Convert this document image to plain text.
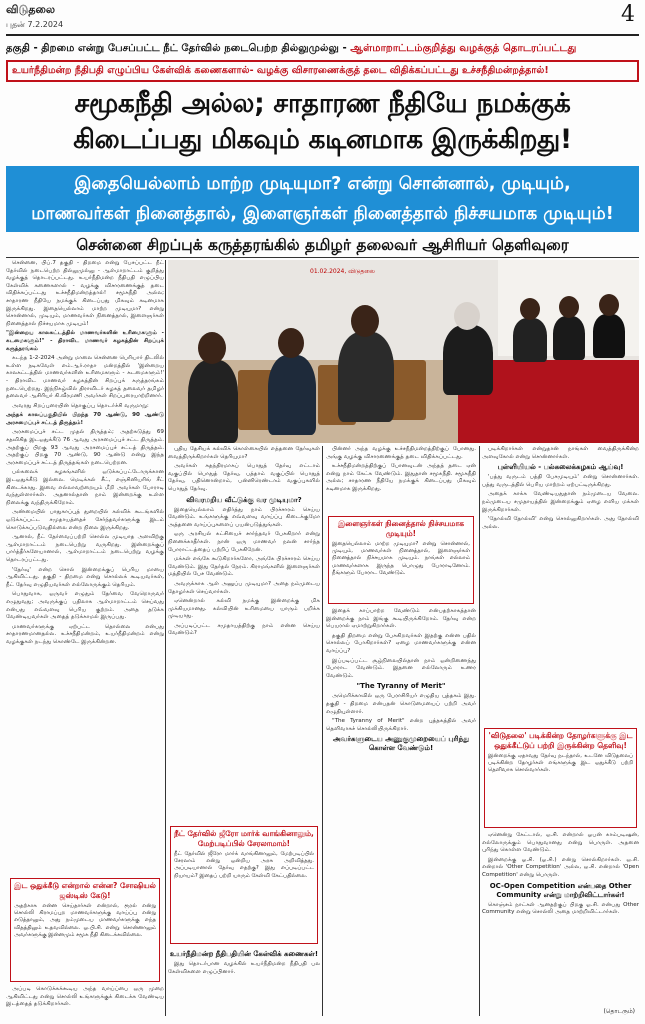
விடுதலை
புதன் 7.2.2024	4
தகுதி - திறமை என்று பேசப்பட்ட நீட் தேர்வில் நடைபெற்ற தில்லுமுல்லு - ஆள்மாறாட்டம்குறித்து வழக்குத் தொடரப்பட்டது
உயர்நீதிமன்ற நீதிபதி எழுப்பிய கேள்விக் கணைகளால்- வழக்கு விசாரணைக்குத் தடை விதிக்கப்பட்டது உச்சநீதிமன்றத்தால்!
சமூகநீதி அல்ல; சாதாரண நீதியே நமக்குக்
கிடைப்பது மிகவும் கடினமாக இருக்கிறது!
இதையெல்லாம் மாற்ற முடியுமா? என்று சொன்னால், முடியும்,
மாணவர்கள் நினைத்தால், இளைஞர்கள் நினைத்தால் நிச்சயமாக முடியும்!
சென்னை சிறப்புக் கருத்தரங்கில் தமிழர் தலைவர் ஆசிரியர் தெளிவுரை

சென்னை, பிப்.7 தகுதி - திறமை என்று பேசப்பட்ட நீட் தேர்வில் நடைபெற்ற தில்லுமுல்லு - ஆள்மாறாட்டம் குறித்து வழக்குத் தொடரப்பட்டது. உயர்நீதிமன்ற நீதிபதி எழுப்பிய கேள்விக் கணைகளால் - வழக்கு விசாரணைக்குத் தடை விதிக்கப்பட்டது உச்சநீதிமன்றத்தால்! சமூகநீதி அல்ல; சாதாரண நீதியே நமக்குக் கிடைப்பது மிகவும் கடினமாக இருக்கிறது. இதையெல்லாம் மாற்ற முடியுமா? என்று சொன்னால், முடியும், மாணவர்கள் நினைத்தால், இளைஞர்கள் நினைத்தால் நிச்சயமாக முடியும்!

"இன்றைய காலகட்டத்தில் மாணவர்களின் உரிமைகளும் - கடமைகளும்!" - திராவிட மாணவர் கழகத்தின் சிறப்புக் கருத்தரங்கம்

கடந்த 1-2-2024 அன்று மாலை சென்னை பெரியார் திடலில் உள்ள நடிகவேள் எம்.ஆர்.ராதா மன்றத்தில் 'இன்றைய காலகட்டத்தில் மாணவர்களின் உரிமைகளும் - கடமைகளும்!' - திராவிட மாணவர் கழகத்தின் சிறப்புக் கருத்தரங்கம் நடைபெற்றது. இந்நிகழ்வில் திராவிடர் கழகத் தலைவர் தமிழர் தலைவர் ஆசிரியர் கி.வீரமணி அவர்கள் சிறப்புரையாற்றினார்.

அவரது சிறப்புரையின் தொகுப்பு தொடர்ச்சி வருமாறு:

அந்தக் காலப்பகுதியில் பிறந்த 70 ஆண்டு, 90 ஆண்டு அரசமைப்புச் சட்டத் திருத்தம்!

அரசமைப்புச் சட்ட முதல் திருத்தம்; அதற்கடுத்து 69 சதவிகித இடஒதுக்கீடு 76 ஆவது அரசமைப்புச் சட்ட திருத்தம். அதற்குப் பிறகு 93 ஆவது அரசமைப்புச் சட்டத் திருத்தம். அதற்குப் பிறகு 70 ஆண்டு, 90 ஆண்டு என்று இந்த அரசமைப்புச் சட்டத் திருத்தங்கள் நடைபெற்றன.

பல்கலைக் கழகங்களில் ஒடுக்கப்பட்டோருக்கான இடஒதுக்கீடு இல்லை. மெடிக்கல் சீட், எஞ்சினியரிங் சீட் கிடைக்காது. இவை எல்லாவற்றையும் மீறி அவர்கள் போராடி வந்துள்ளார்கள். அதனால்தான் நாம் இன்றைக்கு உள்ள நிலைக்கு வந்திருக்கிறோம்.

அண்மையில் பாதுகாப்புத் துறையில் கல்விக் கூடங்களில் ஒடுக்கப்பட்ட சமுதாயத்தைச் சேர்ந்தவர்களுக்கு இடம் கொடுக்கப்படுவதில்லை என்ற நிலை இருக்கிறது.

ஆனால், நீட் தேர்வைப்பற்றி சொல்ல முடியாத அளவிற்கு ஆள்மாறாட்டம் நடைபெற்று வருகிறது. இன்றைக்குப் பார்த்தீர்களேயானால், ஆள்மாறாட்டம் நடைபெற்று வழக்கு தொடரப்பட்டது.

'தேர்வு' என்ற சொல் இன்றைக்குப் பெரிய மாயை ஆகிவிட்டது. தகுதி - திறமை என்று சொல்லக் கூடியவர்கள், நீட் தேர்வு எழுதியவர்கள் எல்லோருக்கும் தெரியும்.

பொதுவாக, ஒருவர் எழுதும் தேர்வை வேறொருவர் எழுதுவது; அவருக்குப் பதிலாக ஆள்மாறாட்டம் செய்வது என்பது எவ்வளவு பெரிய குற்றம். அதை தடுக்க வேண்டியவர்கள் அதைத் தடுக்காமல் இருப்பது.

மாணவர்களுக்கு ஏற்பட்ட தொல்லை என்பது சாதாரணமானதல்ல. உச்சநீதிமன்றம், உயர்நீதிமன்றம் என்று வழக்குகள் நடந்து கொண்டே இருக்கின்றன.

இட ஒதுக்கீடு என்றால் என்ன? சோஷியல் ஜஸ்டிஸ் கேடு!
அதற்காக என்ன செய்தார்கள் என்றால், ரூரல் என்று சொல்லி கிராமப்புற மாணவர்களுக்கு வாய்ப்பு என்று எடுத்தாலும், அது நம்முடைய மாணவர்களுக்கு எந்த விதத்திலும் உதவவில்லை. ஓ.பி.சி. என்று சொன்னாலும் அவர்களுக்கு இன்னமும் சமூக நீதி கிடைக்கவில்லை.

அப்படி கொடுக்கக்கூடிய அந்த வாய்ப்பை ஒரு முறை ஆகிவிட்டது என்று சொல்லி உங்களுக்குக் கிடைக்க வேண்டிய இடத்தைத் தடுக்கிறார்கள்.

01.02.2024, விடுதலை

புதிய தேசியக் கல்விக் கொள்கையில் எத்தனை தேர்வுகள் வைத்திருக்கிறார்கள் தெரியுமா?

அவர்கள் சுதந்திரமாகப் பொதுத் தேர்வு எட்டாம் வகுப்பில் பொதுத் தேர்வு, பத்தாம் வகுப்பில் பொதுத் தேர்வு, பதினொன்றாம், பன்னிரெண்டாம் வகுப்புகளில் பொதுத் தேர்வு.

விவரமறிய வீட்டுக்கு வர முடியுமா?

இதையெல்லாம் எதிர்த்து நாம் பிரச்சாரம் செய்ய வேண்டும். உங்களுக்கு எவ்வளவு வாய்ப்பு கிடைக்குமோ அத்தனை வாய்ப்புகளைப் பயன்படுத்துங்கள்.

ஒரு அரசியல் கட்சியைச் சார்ந்தவர் பேசுகிறார் என்று நினைக்காதீர்கள். நான் ஒரு மாணவர் நலன் சார்ந்த போராட்டத்தைப் பற்றிப் பேசுகிறேன்.

மக்கள் எங்கே கூடுகிறார்களோ, அங்கே பிரச்சாரம் செய்ய வேண்டும். இது தேர்தல் நேரம். கிராமங்களில் இளைஞர்கள் மத்தியில் பேச வேண்டும்.

அவருக்காக ஆள் அனுப்ப முடியுமா? அதை நம்முடைய தோழர்கள் செய்வார்கள்.

ஏனென்றால் கல்வி நமக்கு இன்றைக்கு மிக முக்கியமானது. கல்வியின் உரிமையை யாரும் பறிக்க முடியாது.

அப்படிப்பட்ட சமுதாயத்திற்கு நாம் என்ன செய்ய வேண்டும்?

நீட் தேர்வில் ஜீரோ மார்க் வாங்கினாலும், மேற்படிப்பில் சேரலாமாம்!
நீட் தேர்வில் ஜீரோ மார்க் வாங்கினாலும், மேற்படிப்பில் சேரலாம் என்று ஒன்றிய அரசு அறிவித்தது. அப்படியானால் தேர்வு எதற்கு? இது எப்படிப்பட்ட நியாயம்? இதைப் பற்றி யாரும் கேள்வி கேட்பதில்லை.
உயர்நீதிமன்ற நீதிபதியின் கேள்விக் கணைகள்!

இது தொடர்பான வழக்கில் உயர்நீதிமன்ற நீதிபதி பல கேள்விகளை எழுப்பினார்.

பின்னர் அந்த வழக்கு உச்சநீதிமன்றத்திற்குப் போனது. அங்கு வழக்கு விசாரணைக்குத் தடை விதிக்கப்பட்டது.

உச்சநீதிமன்றத்திற்குப் போனவுடன் அந்தத் தடை ஏன் என்று நாம் கேட்க வேண்டும். இதுதான் சமூகநீதி. சமூகநீதி அல்ல; சாதாரண நீதியே நமக்குக் கிடைப்பது மிகவும் கடினமாக இருக்கிறது.

இளைஞர்கள் நினைத்தால் நிச்சயமாக முடியும்!
இதையெல்லாம் மாற்ற முடியுமா? என்று சொன்னால், முடியும், மாணவர்கள் நினைத்தால், இளைஞர்கள் நினைத்தால் நிச்சயமாக முடியும். நாங்கள் எல்லாம் மாணவர்களாக இருந்த பொழுது போராடினோம். நீங்களும் போராட வேண்டும்.

இதைக் காப்பாற்ற வேண்டும் என்பதற்காகத்தான் இன்றைக்கு நாம் இங்கு கூடியிருக்கிறோம். தேர்வு என்ற பெயரால் ஏமாற்றுகிறார்கள்.

தகுதி திறமை என்று பேசுகிறவர்கள் இதற்கு என்ன பதில் சொல்லப் போகிறார்கள்? ஏழை மாணவர்களுக்கு என்ன வாய்ப்பு?

இப்படிப்பட்ட சூழ்நிலையில்தான் நாம் ஒன்றிணைந்து போராட வேண்டும். இதனை எல்லோரும் உணர வேண்டும்.

"The Tyranny of Merit"

அமெரிக்காவில் ஒரு பேராசிரியர் எழுதிய புத்தகம் இது. தகுதி - திறமை என்பதன் கொடுமையைப் பற்றி அவர் எழுதியுள்ளார்.

"The Tyranny of Merit" என்ற புத்தகத்தில் அவர் தெளிவாகச் சொல்லியிருக்கிறார்.

அவர்களுடைய அணுகுமுறையைப் புரிந்து கொள்ள வேண்டும்!

படிக்கிறார்கள் என்றுதான் நாங்கள் வைத்திருக்கின்ற அளவுகோல் என்று சொன்னார்கள்.

புள்ளியியல் - பல்கலைக்கழகம் ஆய்வு!

'பத்து வருடம் பத்தி பேசமுடியும்' என்று சொன்னார்கள். பத்து வருடத்தில் பெரிய மாற்றம் ஏற்பட்டிருக்கிறது.

அதைக் காக்க வேண்டியதுதான் நம்முடைய வேலை. நம்முடைய சமுதாயத்தில் இன்றைக்கும் ஏழை எளிய மக்கள் இருக்கிறார்கள்.

'தோல்வி தோல்வி' என்று சொல்லுகிறார்கள். அது தோல்வி அல்ல.

'விடுதலை' படிக்கின்ற தோழர்களுக்கு இட ஒதுக்கீட்டுப் பற்றி இருக்கின்ற தெளிவு!
இன்றைக்கு ஏதாவது தேர்வு நடந்தால், உடனே விடுதலைப் படிக்கின்ற தோழர்கள் எங்களுக்கு இட ஒதுக்கீடு பற்றி தெளிவாக சொல்வார்கள்.

ஏனென்று கேட்டால், ஒ.சி. என்றால் ஓபன் காம்படிஷன், எல்லோருக்கும் பொதுவானது என்று பொருள். அதனை புரிந்து கொள்ள வேண்டும்.

இன்றைக்கு ஓ.சி. (ஓ.சி.) என்று சொல்கிறார்கள். ஒ.சி. என்றால் 'Other Competition' அல்ல, ஒ.சி. என்றால் 'Open Competition' என்று பொருள்.

OC-Open Competition என்பதை Other Community என்று மாற்றிவிட்டார்கள்!

கொஞ்சம் நாட்கள் ஆனதற்குப் பிறகு ஓ.சி. என்பது Other Community என்று சொல்லி அதை மாற்றிவிட்டார்கள்.

(தொடரும்)
